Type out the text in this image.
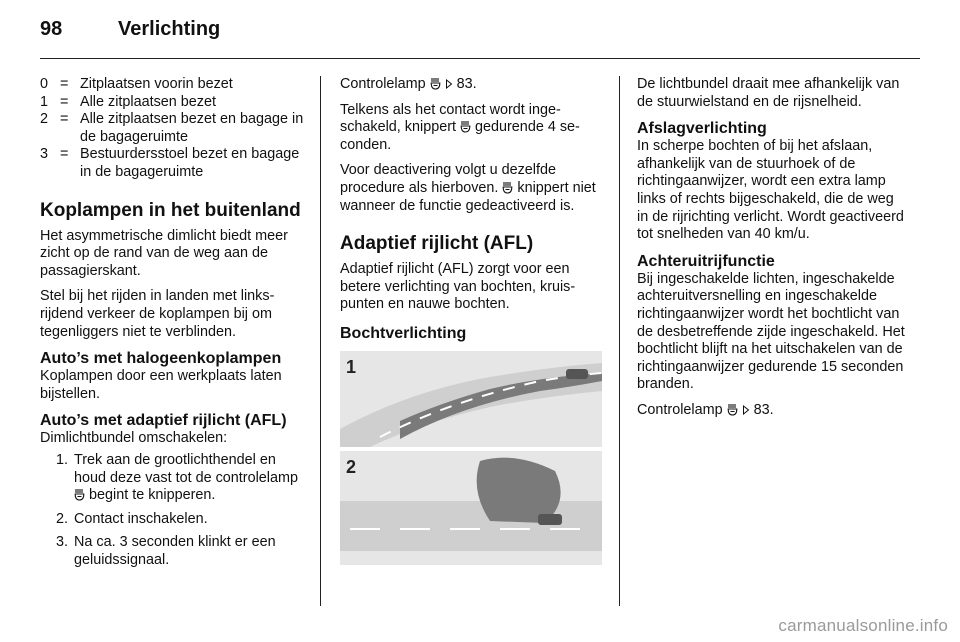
98	Verlichting
0 = Zitplaatsen voorin bezet
1 = Alle zitplaatsen bezet
2 = Alle zitplaatsen bezet en bagage in de bagageruimte
3 = Bestuurdersstoel bezet en bagage in de bagageruimte
Koplampen in het buitenland

Het asymmetrische dimlicht biedt meer zicht op de rand van de weg aan de passagierskant.

Stel bij het rijden in landen met linksrijdend verkeer de koplampen bij om tegenliggers niet te verblinden.

Auto’s met halogeenkoplampen

Koplampen door een werkplaats laten bijstellen.

Auto’s met adaptief rijlicht (AFL)

Dimlichtbundel omschakelen:

1. Trek aan de grootlichthendel en houd deze vast tot de controlelamp  begint te knipperen.
2. Contact inschakelen.
3. Na ca. 3 seconden klinkt er een geluidssignaal.

Controlelamp 83.

Telkens als het contact wordt ingeschakeld, knippert gedurende 4 seconden.

Voor deactivering volgt u dezelfde procedure als hierboven. knippert niet wanneer de functie gedeactiveerd is.

Adaptief rijlicht (AFL)

Adaptief rijlicht (AFL) zorgt voor een betere verlichting van bochten, kruispunten en nauwe bochten.

Bochtverlichting
1
2

De lichtbundel draait mee afhankelijk van de stuurwielstand en de rijsnelheid.

Afslagverlichting

In scherpe bochten of bij het afslaan, afhankelijk van de stuurhoek of de richtingaanwijzer, wordt een extra lamp links of rechts bijgeschakeld, die de weg in de rijrichting verlicht. Wordt geactiveerd tot snelheden van 40 km/u.

Achteruitrijfunctie

Bij ingeschakelde lichten, ingeschakelde achteruitversnelling en ingeschakelde richtingaanwijzer wordt het bochtlicht van de desbetreffende zijde ingeschakeld. Het bochtlicht blijft na het uitschakelen van de richtingaanwijzer gedurende 15 seconden branden.

Controlelamp 83.

carmanualsonline.info
